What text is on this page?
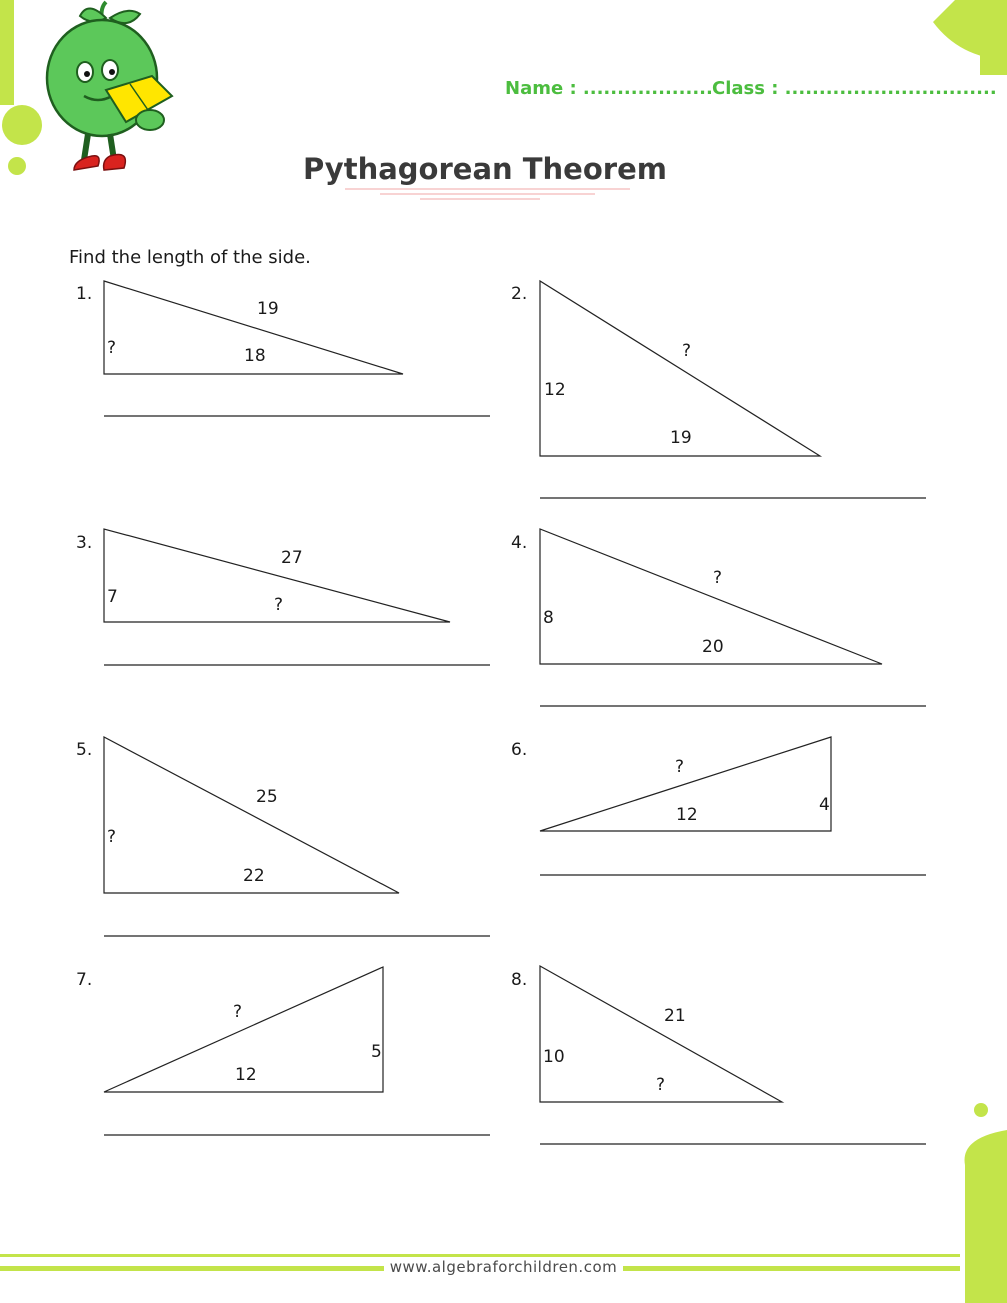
Name : ................... Class : ...............................
Pythagorean Theorem
Find the length of the side.
1.	2.
3.	4.
5.	6.
7.	8.
19
18
?	?
12
19
27
?
7
?
8
20
25
?
22
?
12	4
?
5
12
21
10
?
www.algebraforchildren.com
